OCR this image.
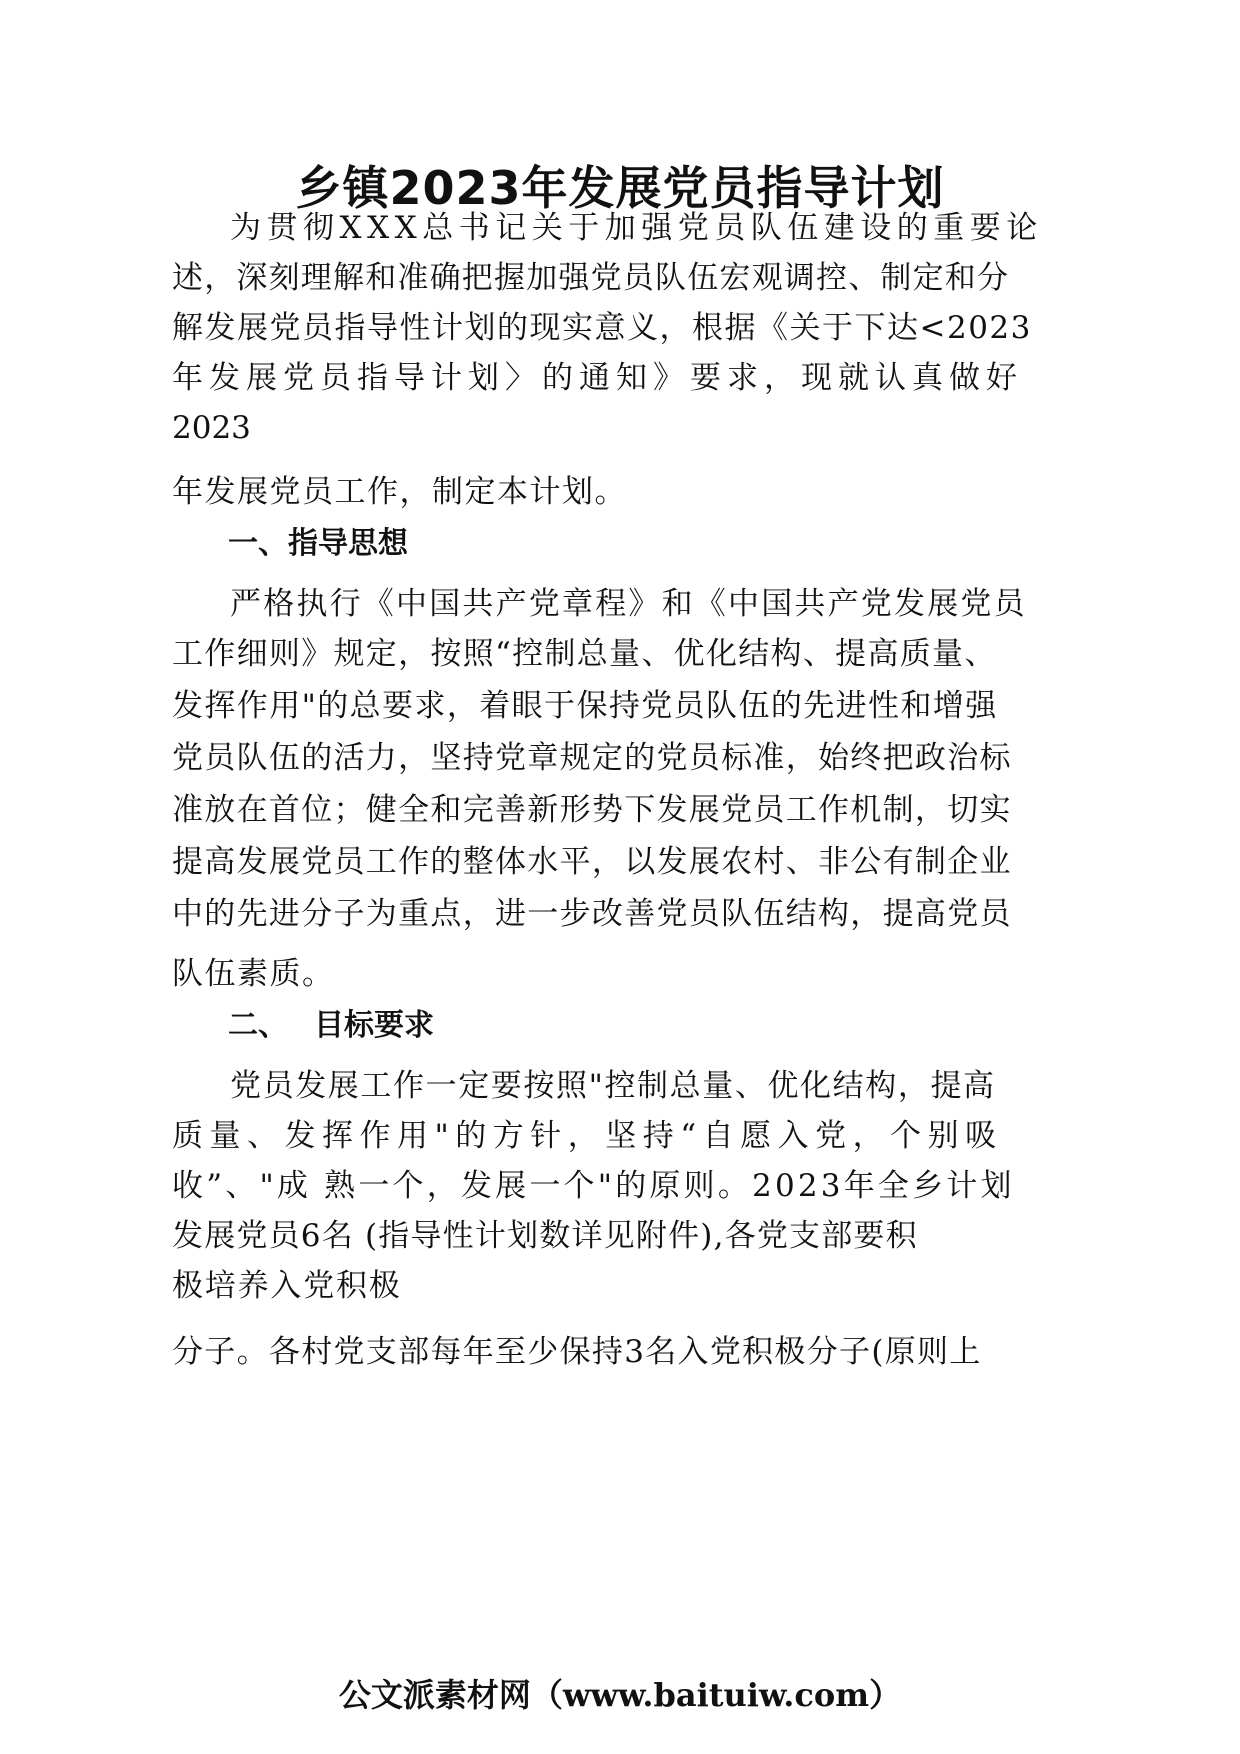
乡镇2023年发展党员指导计划
为贯彻XXX总书记关于加强党员队伍建设的重要论
述，深刻理解和准确把握加强党员队伍宏观调控、制定和分
解发展党员指导性计划的现实意义，根据《关于下达<2023
年发展党员指导计划〉的通知》要求，现就认真做好
2023
年发展党员工作，制定本计划。
一、指导思想
严格执行《中国共产党章程》和《中国共产党发展党员
工作细则》规定，按照“控制总量、优化结构、提高质量、
发挥作用"的总要求，着眼于保持党员队伍的先进性和增强
党员队伍的活力，坚持党章规定的党员标准，始终把政治标
准放在首位；健全和完善新形势下发展党员工作机制，切实
提高发展党员工作的整体水平，以发展农村、非公有制企业
中的先进分子为重点，进一步改善党员队伍结构，提高党员
队伍素质。
二、 目标要求
党员发展工作一定要按照"控制总量、优化结构，提高
质量、发挥作用"的方针，坚持“自愿入党，个别吸
收”、"成 熟一个，发展一个"的原则。2023年全乡计划
发展党员6名 (指导性计划数详见附件),各党支部要积
极培养入党积极
分子。各村党支部每年至少保持3名入党积极分子(原则上
公文派素材网（www.baituiw.com）
